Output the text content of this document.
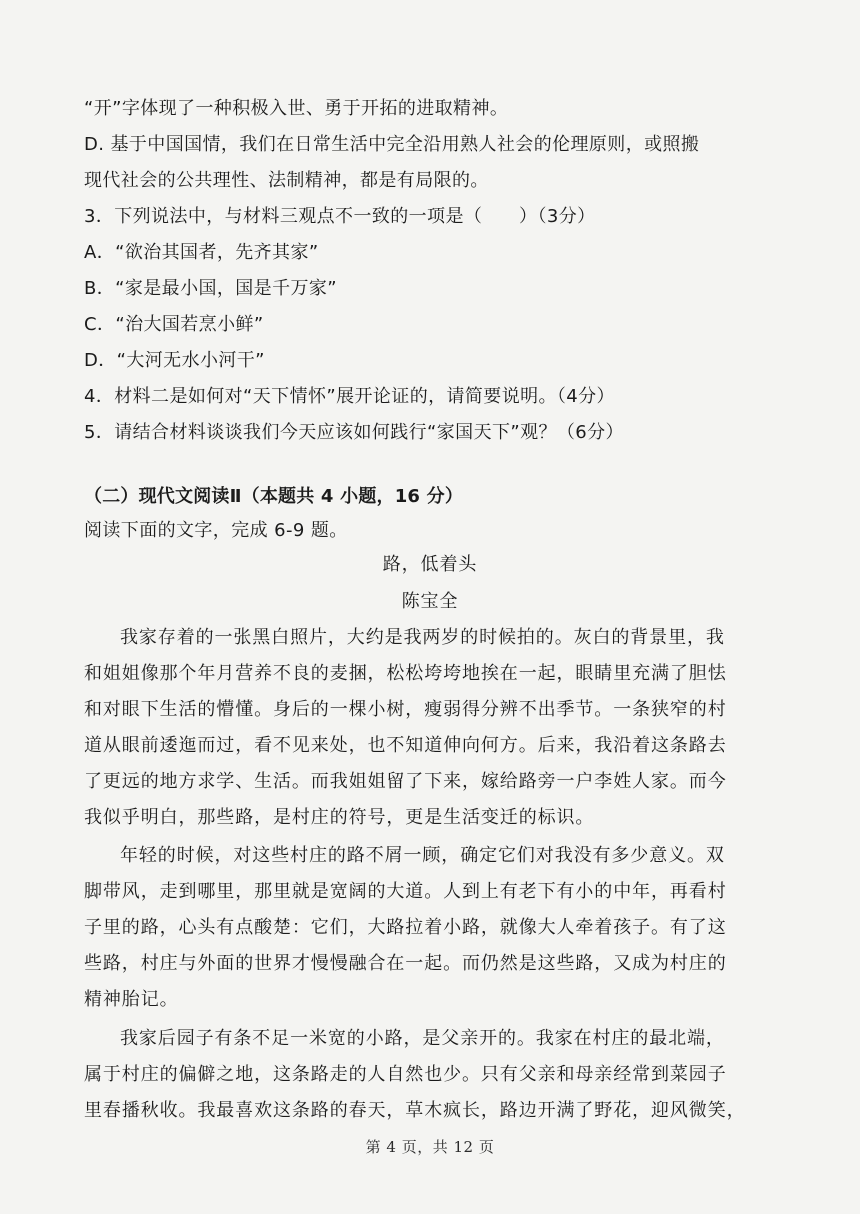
“开”字体现了一种积极入世、勇于开拓的进取精神。
D. 基于中国国情，我们在日常生活中完全沿用熟人社会的伦理原则，或照搬
现代社会的公共理性、法制精神，都是有局限的。
3．下列说法中，与材料三观点不一致的一项是（　　）（3分）
A．“欲治其国者，先齐其家”
B．“家是最小国，国是千万家”
C．“治大国若烹小鲜”
D．“大河无水小河干”
4．材料二是如何对“天下情怀”展开论证的，请简要说明。（4分）
5．请结合材料谈谈我们今天应该如何践行“家国天下”观？（6分）
（二）现代文阅读Ⅱ（本题共 4 小题，16 分）
阅读下面的文字，完成 6-9 题。
路，低着头
陈宝全
我家存着的一张黑白照片，大约是我两岁的时候拍的。灰白的背景里，我
和姐姐像那个年月营养不良的麦捆，松松垮垮地挨在一起，眼睛里充满了胆怯
和对眼下生活的懵懂。身后的一棵小树，瘦弱得分辨不出季节。一条狭窄的村
道从眼前逶迤而过，看不见来处，也不知道伸向何方。后来，我沿着这条路去
了更远的地方求学、生活。而我姐姐留了下来，嫁给路旁一户李姓人家。而今
我似乎明白，那些路，是村庄的符号，更是生活变迁的标识。
年轻的时候，对这些村庄的路不屑一顾，确定它们对我没有多少意义。双
脚带风，走到哪里，那里就是宽阔的大道。人到上有老下有小的中年，再看村
子里的路，心头有点酸楚：它们，大路拉着小路，就像大人牵着孩子。有了这
些路，村庄与外面的世界才慢慢融合在一起。而仍然是这些路，又成为村庄的
精神胎记。
我家后园子有条不足一米宽的小路，是父亲开的。我家在村庄的最北端，
属于村庄的偏僻之地，这条路走的人自然也少。只有父亲和母亲经常到菜园子
里春播秋收。我最喜欢这条路的春天，草木疯长，路边开满了野花，迎风微笑，
第 4 页，共 12 页
